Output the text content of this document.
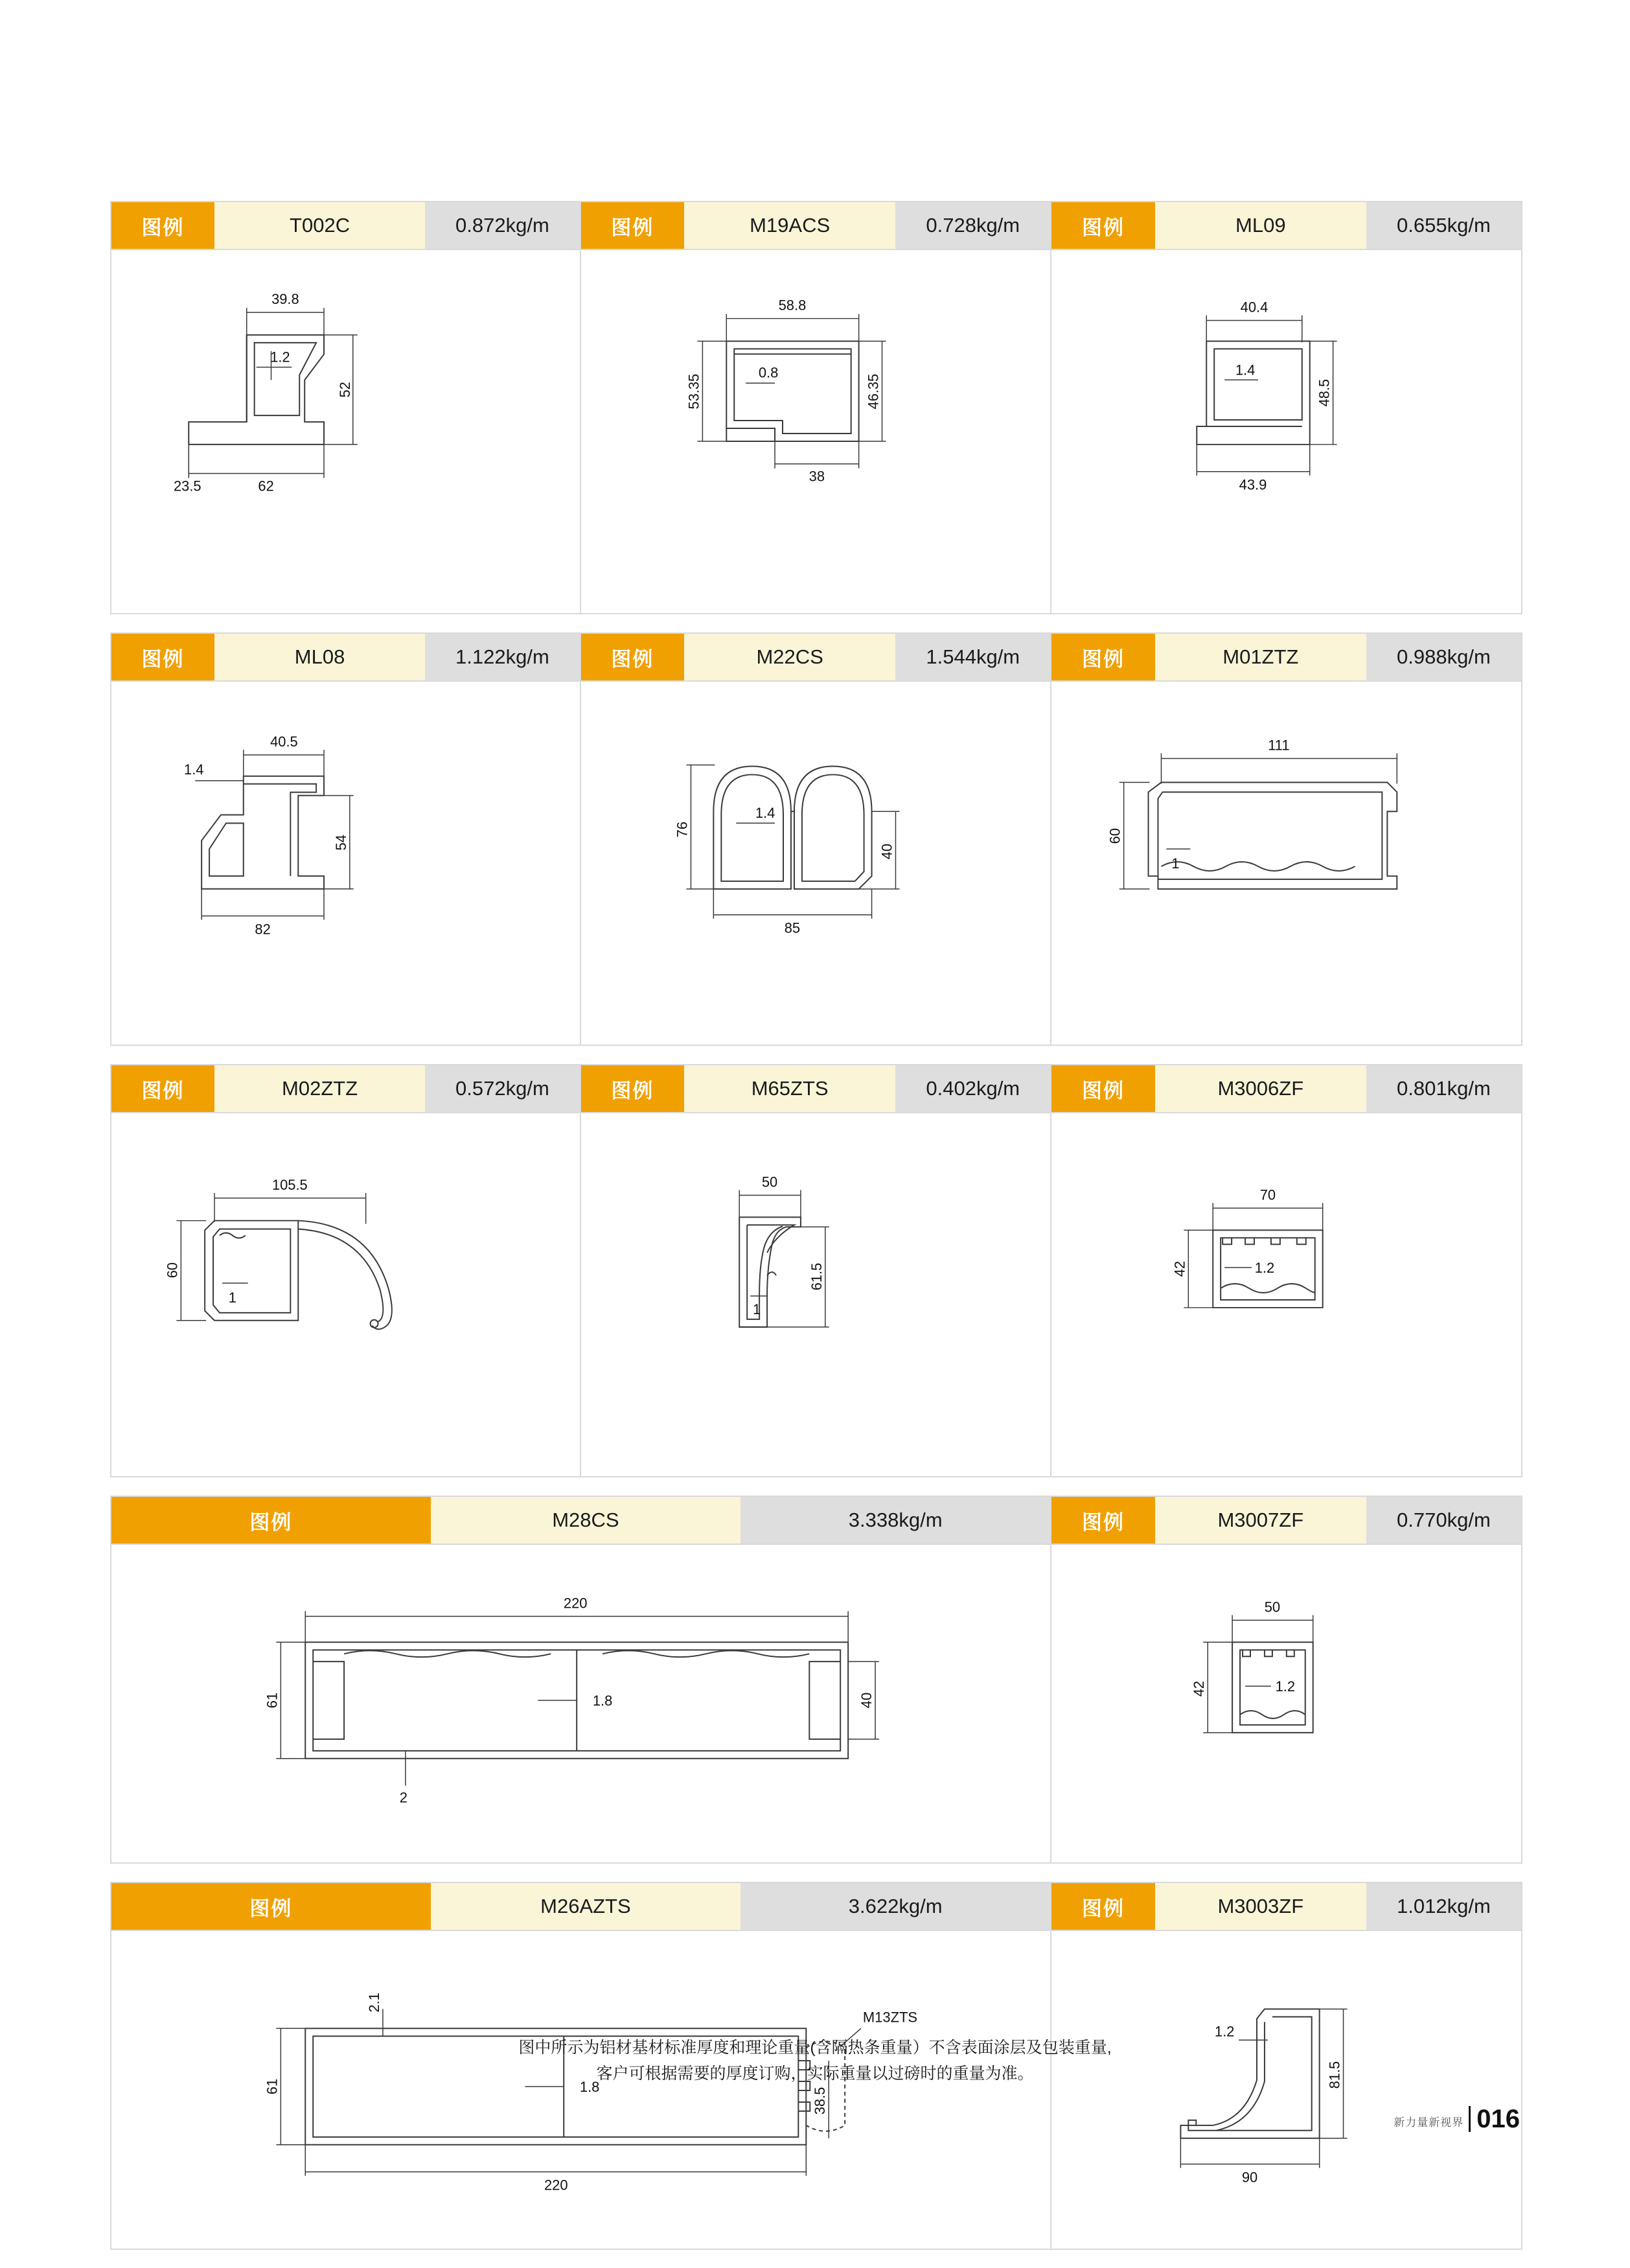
图例	T002C	0.872kg/m
39.8
1.2
52
23.5	62
图例	M19ACS	0.728kg/m
58.8
53.35
0.8
46.35
38
图例	ML09	0.655kg/m
40.4
1.4
48.5
43.9
图例	ML08	1.122kg/m
40.5
1.4
54
82
图例	M22CS	1.544kg/m
76
1.4
40
85
图例	M01ZTZ	0.988kg/m
111
60
1
图例	M02ZTZ	0.572kg/m
105.5
60
1
图例	M65ZTS	0.402kg/m
50
61.5
1
图例	M3006ZF	0.801kg/m
70
42	1.2
图例	M28CS	3.338kg/m
220
61	1.8	40
2
图例	M3007ZF	0.770kg/m
50
42	1.2
图例	M26AZTS	3.622kg/m
2.1
61	1.8
220
38.5
M13ZTS
图例	M3003ZF	1.012kg/m
1.2
81.5
90
图中所示为铝材基材标准厚度和理论重量(含隔热条重量）不含表面涂层及包装重量,
客户可根据需要的厚度订购，实际重量以过磅时的重量为准。
新力量新视界 016
